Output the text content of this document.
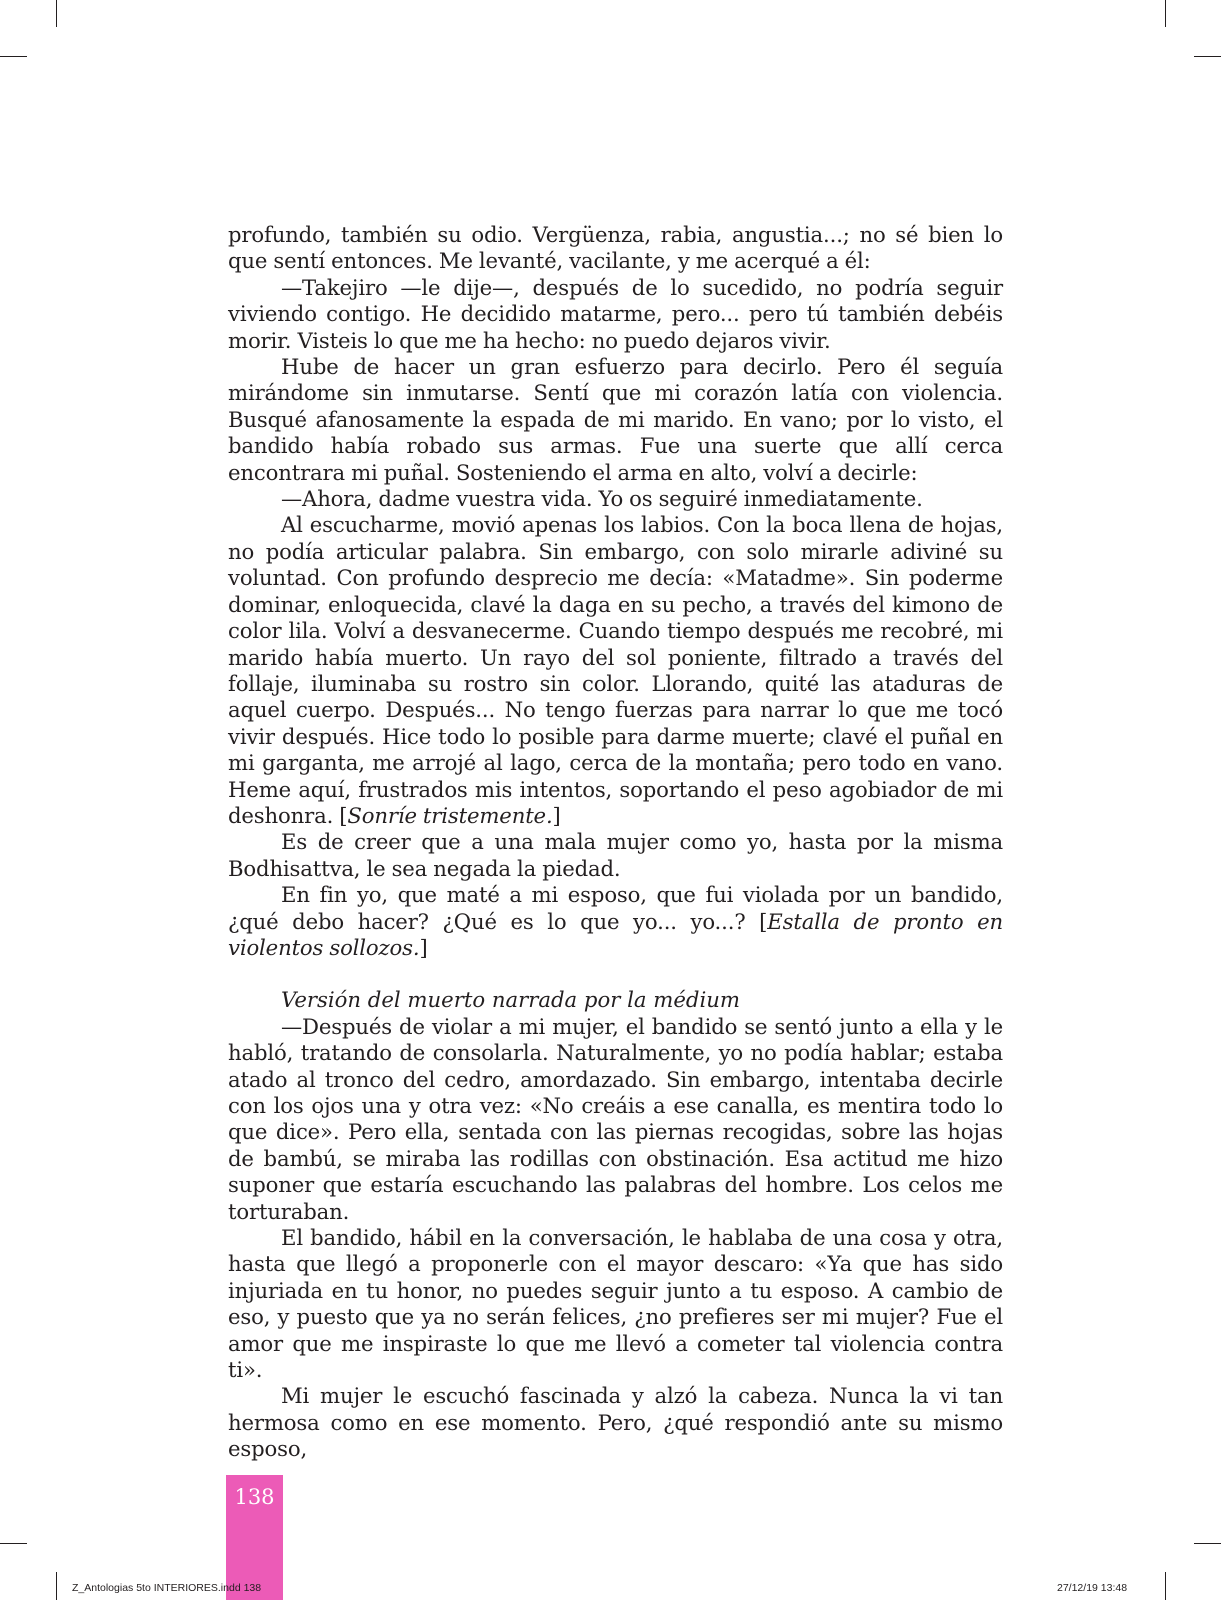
profundo, también su odio. Vergüenza, rabia, angustia...; no sé bien lo que sentí entonces. Me levanté, vacilante, y me acerqué a él:

—Takejiro —le dije—, después de lo sucedido, no podría seguir viviendo contigo. He decidido matarme, pero... pero tú también debéis morir. Visteis lo que me ha hecho: no puedo dejaros vivir.

Hube de hacer un gran esfuerzo para decirlo. Pero él seguía mirándome sin inmutarse. Sentí que mi corazón latía con violencia. Busqué afanosamente la espada de mi marido. En vano; por lo visto, el bandido había robado sus armas. Fue una suerte que allí cerca encontrara mi puñal. Sosteniendo el arma en alto, volví a decirle:

—Ahora, dadme vuestra vida. Yo os seguiré inmediatamente.

Al escucharme, movió apenas los labios. Con la boca llena de hojas, no podía articular palabra. Sin embargo, con solo mirarle adiviné su voluntad. Con profundo desprecio me decía: «Matadme». Sin poderme dominar, enloquecida, clavé la daga en su pecho, a través del kimono de color lila. Volví a desvanecerme. Cuando tiempo después me recobré, mi marido había muerto. Un rayo del sol poniente, filtrado a través del follaje, iluminaba su rostro sin color. Llorando, quité las ataduras de aquel cuerpo. Después... No tengo fuerzas para narrar lo que me tocó vivir después. Hice todo lo posible para darme muerte; clavé el puñal en mi garganta, me arrojé al lago, cerca de la montaña; pero todo en vano. Heme aquí, frustrados mis intentos, soportando el peso agobiador de mi deshonra. [Sonríe tristemente.]

Es de creer que a una mala mujer como yo, hasta por la misma Bodhisattva, le sea negada la piedad.

En fin yo, que maté a mi esposo, que fui violada por un bandido, ¿qué debo hacer? ¿Qué es lo que yo... yo...? [Estalla de pronto en violentos sollozos.]

Versión del muerto narrada por la médium

—Después de violar a mi mujer, el bandido se sentó junto a ella y le habló, tratando de consolarla. Naturalmente, yo no podía hablar; estaba atado al tronco del cedro, amordazado. Sin embargo, intentaba decirle con los ojos una y otra vez: «No creáis a ese canalla, es mentira todo lo que dice». Pero ella, sentada con las piernas recogidas, sobre las hojas de bambú, se miraba las rodillas con obstinación. Esa actitud me hizo suponer que estaría escuchando las palabras del hombre. Los celos me torturaban.

El bandido, hábil en la conversación, le hablaba de una cosa y otra, hasta que llegó a proponerle con el mayor descaro: «Ya que has sido injuriada en tu honor, no puedes seguir junto a tu esposo. A cambio de eso, y puesto que ya no serán felices, ¿no prefieres ser mi mujer? Fue el amor que me inspiraste lo que me llevó a cometer tal violencia contra ti».

Mi mujer le escuchó fascinada y alzó la cabeza. Nunca la vi tan hermosa como en ese momento. Pero, ¿qué respondió ante su mismo esposo,

138
Z_Antologias 5to INTERIORES.indd 138	27/12/19 13:48
